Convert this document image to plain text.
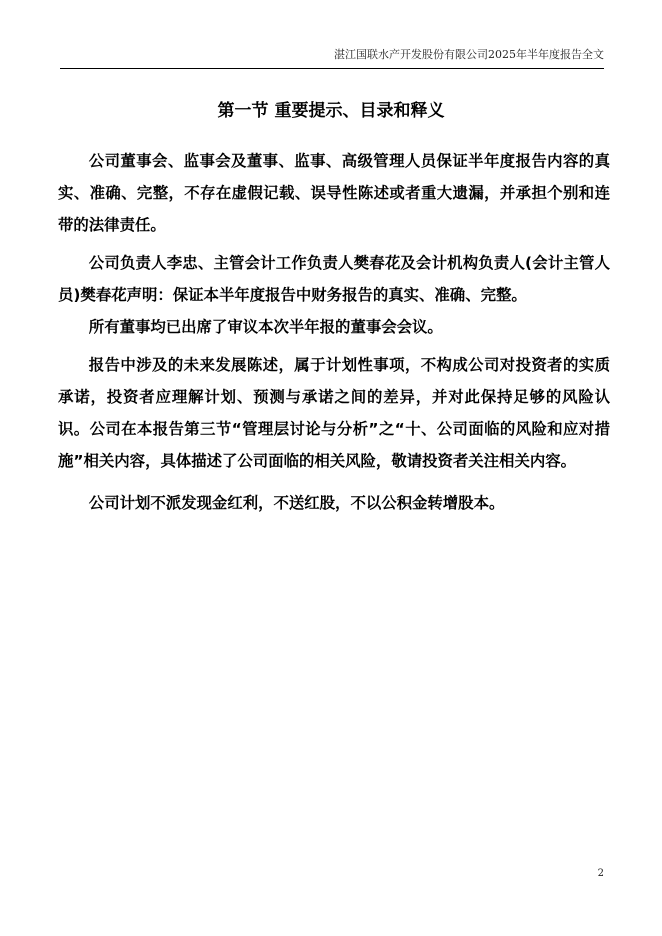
湛江国联水产开发股份有限公司2025年半年度报告全文
第一节 重要提示、目录和释义

公司董事会、监事会及董事、监事、高级管理人员保证半年度报告内容的真实、准确、完整，不存在虚假记载、误导性陈述或者重大遗漏，并承担个别和连带的法律责任。

公司负责人李忠、主管会计工作负责人樊春花及会计机构负责人(会计主管人员)樊春花声明：保证本半年度报告中财务报告的真实、准确、完整。

所有董事均已出席了审议本次半年报的董事会会议。

报告中涉及的未来发展陈述，属于计划性事项，不构成公司对投资者的实质承诺，投资者应理解计划、预测与承诺之间的差异，并对此保持足够的风险认识。公司在本报告第三节“管理层讨论与分析”之“十、公司面临的风险和应对措施”相关内容，具体描述了公司面临的相关风险，敬请投资者关注相关内容。

公司计划不派发现金红利，不送红股，不以公积金转增股本。

2
